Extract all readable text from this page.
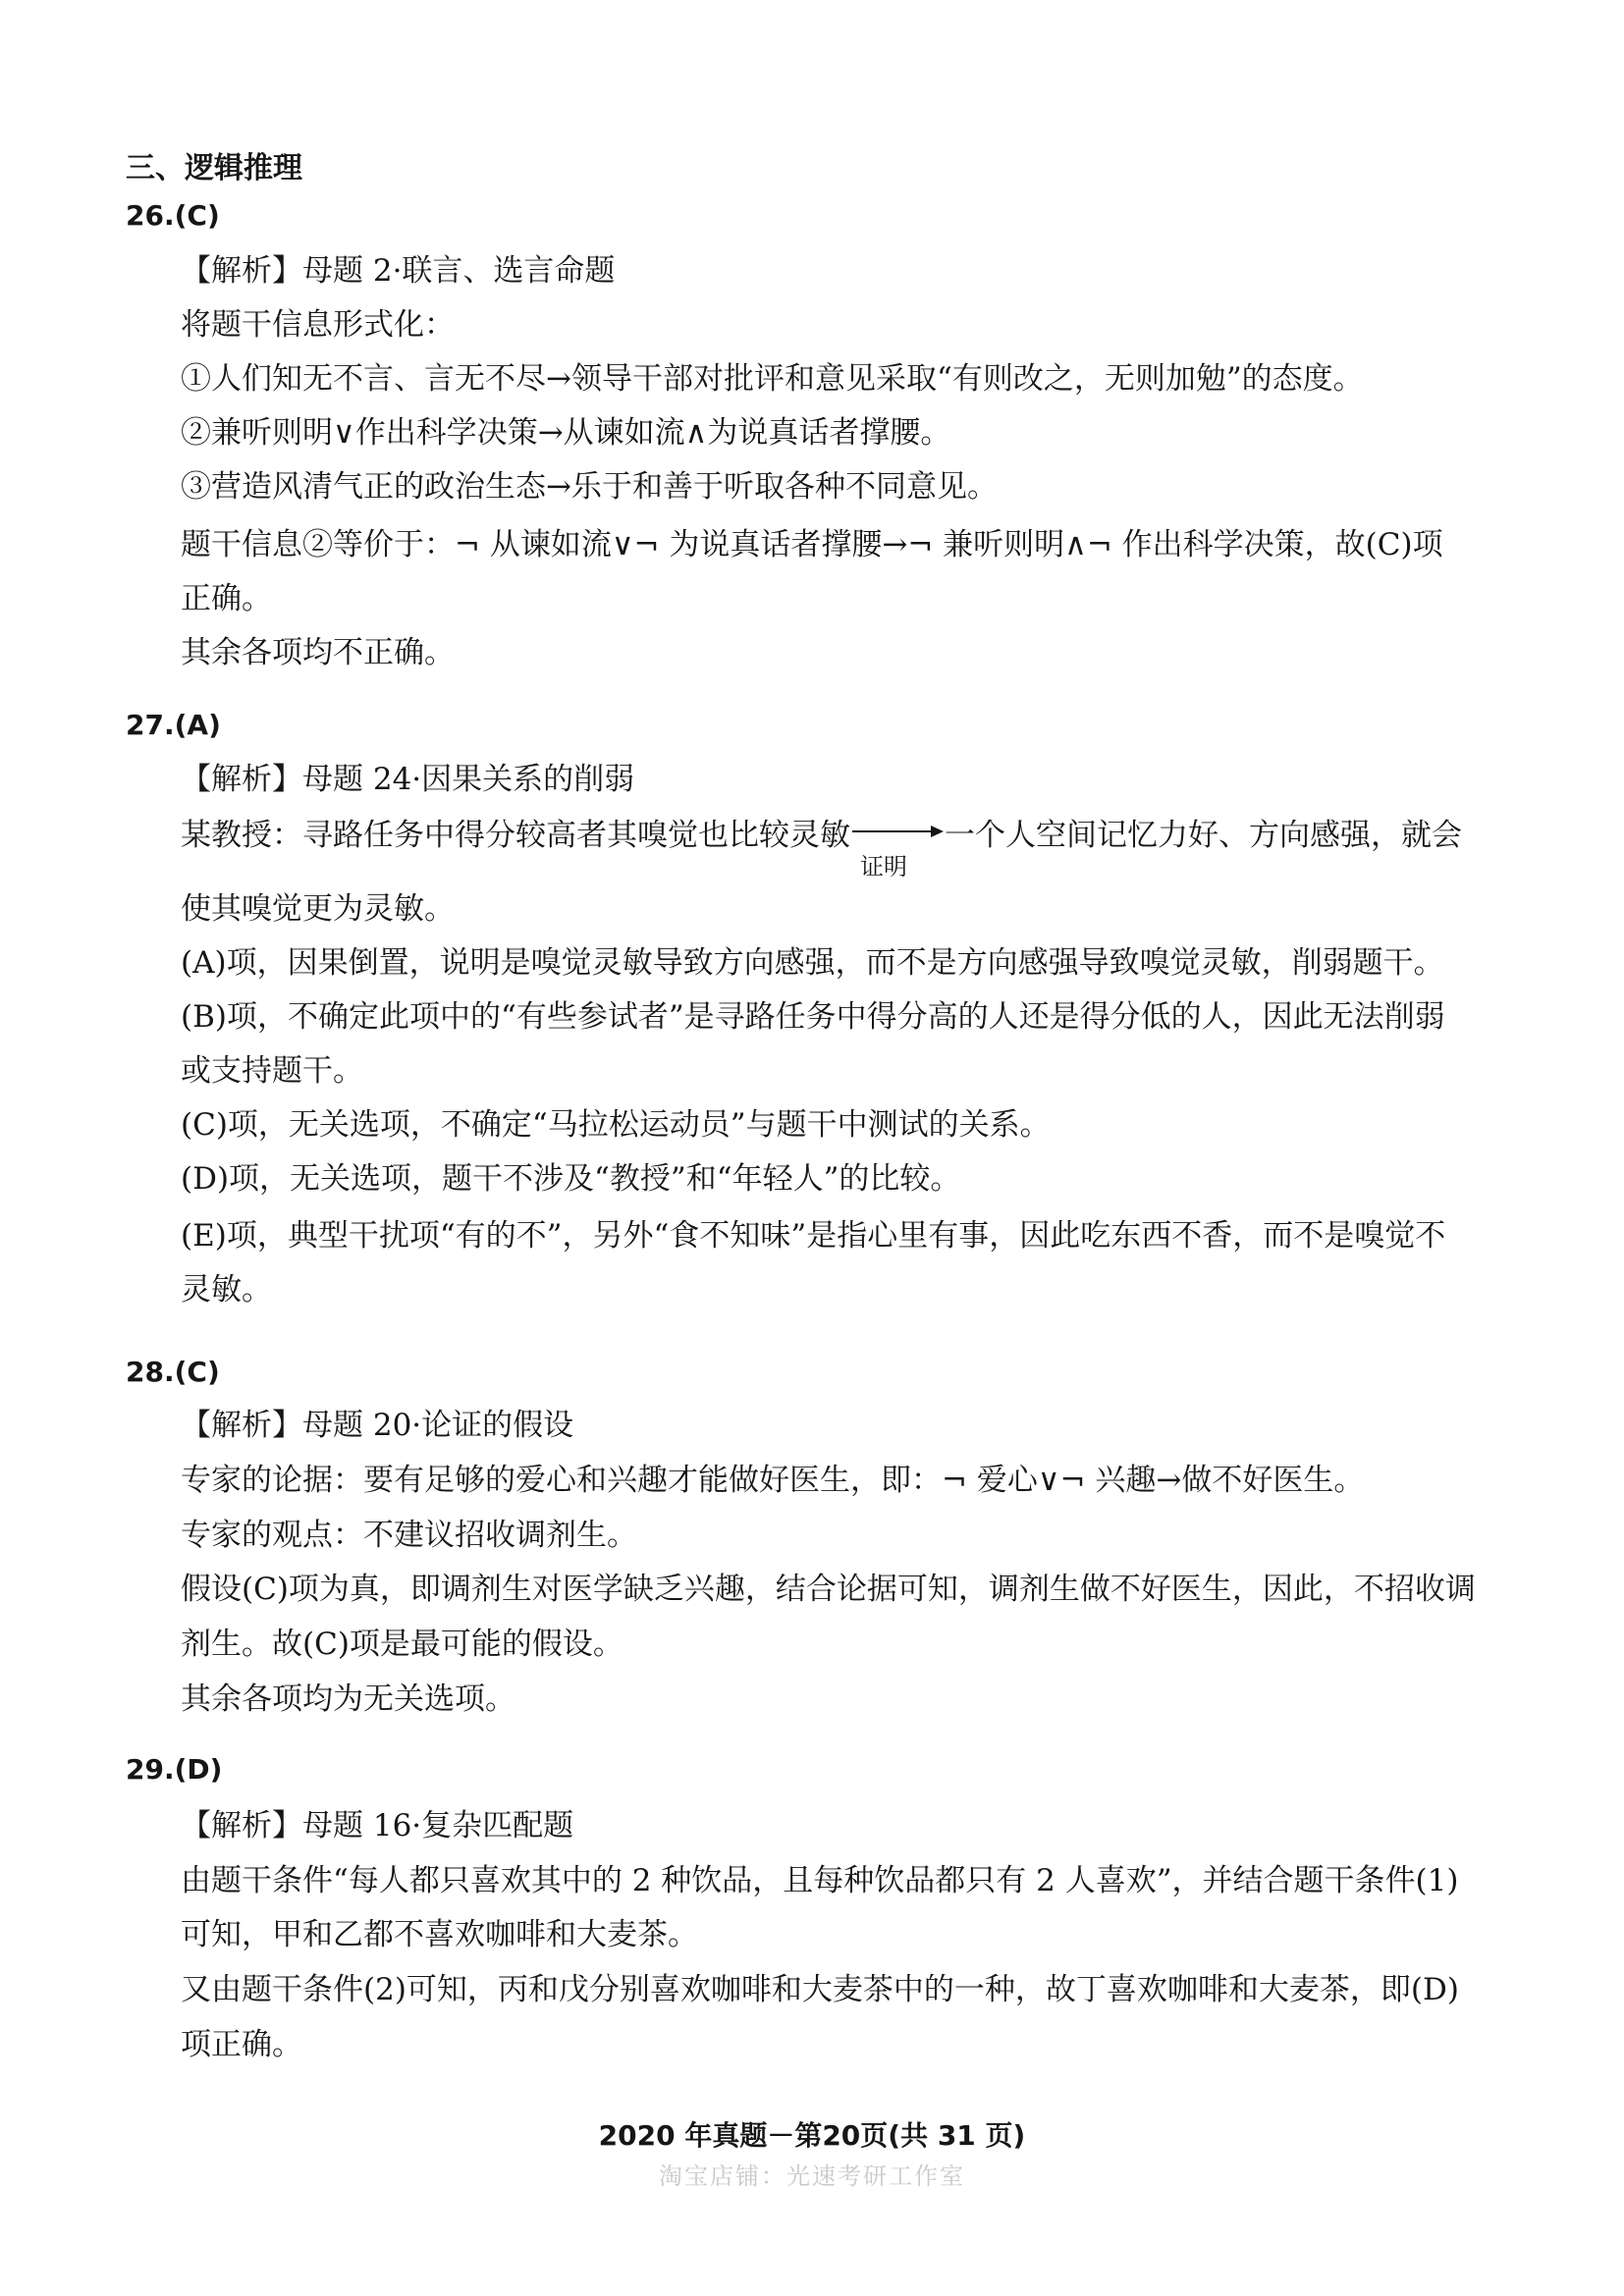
三、逻辑推理
26.(C)
【解析】母题 2·联言、选言命题
将题干信息形式化：
①人们知无不言、言无不尽→领导干部对批评和意见采取“有则改之，无则加勉”的态度。
②兼听则明∨作出科学决策→从谏如流∧为说真话者撑腰。
③营造风清气正的政治生态→乐于和善于听取各种不同意见。
题干信息②等价于：¬ 从谏如流∨¬ 为说真话者撑腰→¬ 兼听则明∧¬ 作出科学决策，故(C)项
正确。
其余各项均不正确。
27.(A)
【解析】母题 24·因果关系的削弱
某教授：寻路任务中得分较高者其嗅觉也比较灵敏
证明
一个人空间记忆力好、方向感强，就会
使其嗅觉更为灵敏。
(A)项，因果倒置，说明是嗅觉灵敏导致方向感强，而不是方向感强导致嗅觉灵敏，削弱题干。
(B)项，不确定此项中的“有些参试者”是寻路任务中得分高的人还是得分低的人，因此无法削弱
或支持题干。
(C)项，无关选项，不确定“马拉松运动员”与题干中测试的关系。
(D)项，无关选项，题干不涉及“教授”和“年轻人”的比较。
(E)项，典型干扰项“有的不”，另外“食不知味”是指心里有事，因此吃东西不香，而不是嗅觉不
灵敏。
28.(C)
【解析】母题 20·论证的假设
专家的论据：要有足够的爱心和兴趣才能做好医生，即：¬ 爱心∨¬ 兴趣→做不好医生。
专家的观点：不建议招收调剂生。
假设(C)项为真，即调剂生对医学缺乏兴趣，结合论据可知，调剂生做不好医生，因此，不招收调
剂生。故(C)项是最可能的假设。
其余各项均为无关选项。
29.(D)
【解析】母题 16·复杂匹配题
由题干条件“每人都只喜欢其中的 2 种饮品，且每种饮品都只有 2 人喜欢”，并结合题干条件(1)
可知，甲和乙都不喜欢咖啡和大麦茶。
又由题干条件(2)可知，丙和戊分别喜欢咖啡和大麦茶中的一种，故丁喜欢咖啡和大麦茶，即(D)
项正确。
2020 年真题－第20页(共 31 页)
淘宝店铺：光速考研工作室
